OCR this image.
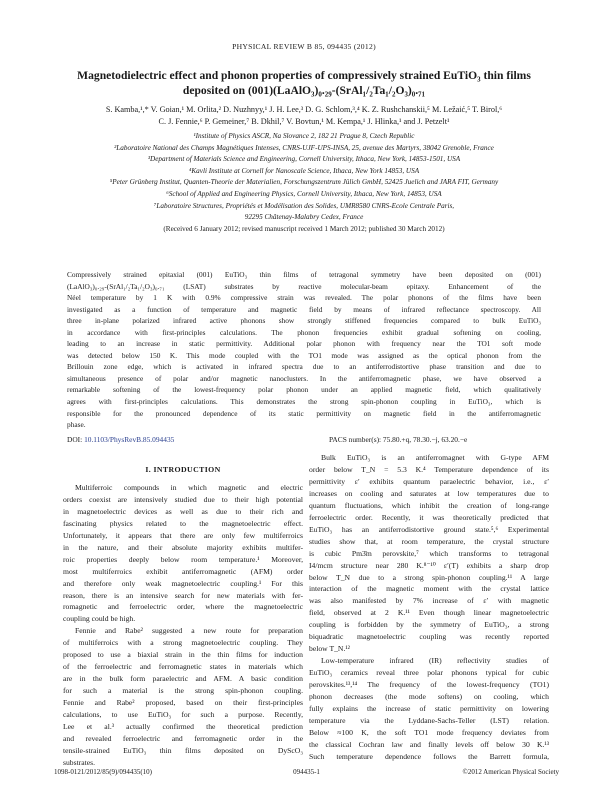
PHYSICAL REVIEW B 85, 094435 (2012)
Magnetodielectric effect and phonon properties of compressively strained EuTiO₃ thin films
deposited on (001)(LaAlO₃)₀.₂₉-(SrAl₁/₂Ta₁/₂O₃)₀.₇₁
S. Kamba,¹,* V. Goian,¹ M. Orlita,² D. Nuzhnyy,¹ J. H. Lee,³ D. G. Schlom,³,⁴ K. Z. Rushchanskii,⁵ M. Ležaić,⁵ T. Birol,⁶
C. J. Fennie,⁶ P. Gemeiner,⁷ B. Dkhil,⁷ V. Bovtun,¹ M. Kempa,¹ J. Hlinka,¹ and J. Petzelt¹
¹Institute of Physics ASCR, Na Slovance 2, 182 21 Prague 8, Czech Republic
²Laboratoire National des Champs Magnétiques Intenses, CNRS-UJF-UPS-INSA, 25, avenue des Martyrs, 38042 Grenoble, France
³Department of Materials Science and Engineering, Cornell University, Ithaca, New York, 14853-1501, USA
⁴Kavli Institute at Cornell for Nanoscale Science, Ithaca, New York 14853, USA
⁵Peter Grünberg Institut, Quanten-Theorie der Materialien, Forschungszentrum Jülich GmbH, 52425 Juelich and JARA FIT, Germany
⁶School of Applied and Engineering Physics, Cornell University, Ithaca, New York, 14853, USA
⁷Laboratoire Structures, Propriétés et Modélisation des Solides, UMR8580 CNRS-Ecole Centrale Paris,
92295 Châtenay-Malabry Cedex, France
(Received 6 January 2012; revised manuscript received 1 March 2012; published 30 March 2012)
Compressively strained epitaxial (001) EuTiO₃ thin films of tetragonal symmetry have been deposited on (001)
(LaAlO₃)₀.₂₉-(SrAl₁/₂Ta₁/₂O₃)₀.₇₁ (LSAT) substrates by reactive molecular-beam epitaxy. Enhancement of the
Néel temperature by 1 K with 0.9% compressive strain was revealed. The polar phonons of the films have been
investigated as a function of temperature and magnetic field by means of infrared reflectance spectroscopy. All
three in-plane polarized infrared active phonons show strongly stiffened frequencies compared to bulk EuTiO₃
in accordance with first-principles calculations. The phonon frequencies exhibit gradual softening on cooling,
leading to an increase in static permittivity. Additional polar phonon with frequency near the TO1 soft mode
was detected below 150 K. This mode coupled with the TO1 mode was assigned as the optical phonon from the
Brillouin zone edge, which is activated in infrared spectra due to an antiferrodistortive phase transition and due to
simultaneous presence of polar and/or magnetic nanoclusters. In the antiferromagnetic phase, we have observed a
remarkable softening of the lowest-frequency polar phonon under an applied magnetic field, which qualitatively
agrees with first-principles calculations. This demonstrates the strong spin-phonon coupling in EuTiO₃, which is
responsible for the pronounced dependence of its static permittivity on magnetic field in the antiferromagnetic
phase.
DOI: 10.1103/PhysRevB.85.094435	PACS number(s): 75.80.+q, 78.30.−j, 63.20.−e
I. INTRODUCTION
Multiferroic compounds in which magnetic and electric
orders coexist are intensively studied due to their high potential
in magnetoelectric devices as well as due to their rich and
fascinating physics related to the magnetoelectric effect.
Unfortunately, it appears that there are only few multiferroics
in the nature, and their absolute majority exhibits multifer-
roic properties deeply below room temperature.¹ Moreover,
most multiferroics exhibit antiferromagnetic (AFM) order
and therefore only weak magnetoelectric coupling.¹ For this
reason, there is an intensive search for new materials with fer-
romagnetic and ferroelectric order, where the magnetoelectric
coupling could be high.
Fennie and Rabe² suggested a new route for preparation
of multiferroics with a strong magnetoelectric coupling. They
proposed to use a biaxial strain in the thin films for induction
of the ferroelectric and ferromagnetic states in materials which
are in the bulk form paraelectric and AFM. A basic condition
for such a material is the strong spin-phonon coupling.
Fennie and Rabe² proposed, based on their first-principles
calculations, to use EuTiO₃ for such a purpose. Recently,
Lee et al.³ actually confirmed the theoretical prediction
and revealed ferroelectric and ferromagnetic order in the
tensile-strained EuTiO₃ thin films deposited on DyScO₃
substrates.
Bulk EuTiO₃ is an antiferromagnet with G-type AFM
order below T_N = 5.3 K.⁴ Temperature dependence of its
permittivity ε′ exhibits quantum paraelectric behavior, i.e., ε′
increases on cooling and saturates at low temperatures due to
quantum fluctuations, which inhibit the creation of long-range
ferroelectric order. Recently, it was theoretically predicted that
EuTiO₃ has an antiferrodistortive ground state.⁵,⁶ Experimental
studies show that, at room temperature, the crystal structure
is cubic Pm3̄m perovskite,⁷ which transforms to tetragonal
I4/mcm structure near 280 K.⁸⁻¹⁰ ε′(T) exhibits a sharp drop
below T_N due to a strong spin-phonon coupling.¹¹ A large
interaction of the magnetic moment with the crystal lattice
was also manifested by 7% increase of ε′ with magnetic
field, observed at 2 K.¹¹ Even though linear magnetoelectric
coupling is forbidden by the symmetry of EuTiO₃, a strong
biquadratic magnetoelectric coupling was recently reported
below T_N.¹²
Low-temperature infrared (IR) reflectivity studies of
EuTiO₃ ceramics reveal three polar phonons typical for cubic
perovskites.¹³,¹⁴ The frequency of the lowest-frequency (TO1)
phonon decreases (the mode softens) on cooling, which
fully explains the increase of static permittivity on lowering
temperature via the Lyddane-Sachs-Teller (LST) relation.
Below ≈100 K, the soft TO1 mode frequency deviates from
the classical Cochran law and finally levels off below 30 K.¹³
Such temperature dependence follows the Barrett formula,
1098-0121/2012/85(9)/094435(10)	094435-1	©2012 American Physical Society
